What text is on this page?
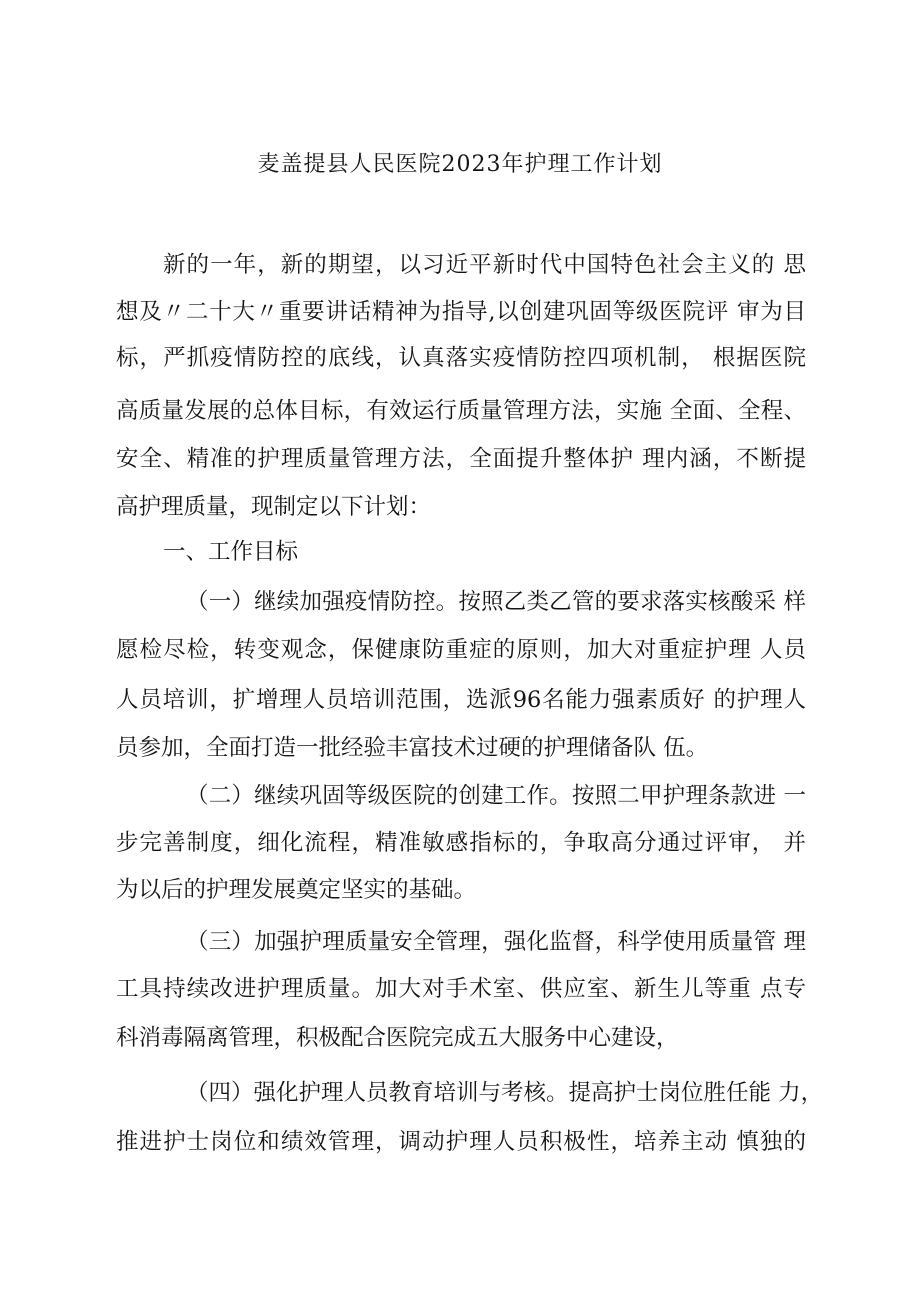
麦盖提县人民医院2023年护理工作计划
新的一年，新的期望，以习近平新时代中国特色社会主义的 思
想及〃二十大〃重要讲话精神为指导,以创建巩固等级医院评 审为目
标，严抓疫情防控的底线，认真落实疫情防控四项机制， 根据医院
高质量发展的总体目标，有效运行质量管理方法，实施 全面、全程、
安全、精准的护理质量管理方法，全面提升整体护 理内涵，不断提
高护理质量，现制定以下计划：
一、工作目标
（一）继续加强疫情防控。按照乙类乙管的要求落实核酸采 样
愿检尽检，转变观念，保健康防重症的原则，加大对重症护理 人员
人员培训，扩增理人员培训范围，选派96名能力强素质好 的护理人
员参加，全面打造一批经验丰富技术过硬的护理储备队 伍。
（二）继续巩固等级医院的创建工作。按照二甲护理条款进 一
步完善制度，细化流程，精准敏感指标的，争取高分通过评审， 并
为以后的护理发展奠定坚实的基础。
（三）加强护理质量安全管理，强化监督，科学使用质量管 理
工具持续改进护理质量。加大对手术室、供应室、新生儿等重 点专
科消毒隔离管理，积极配合医院完成五大服务中心建设，
（四）强化护理人员教育培训与考核。提高护士岗位胜任能 力，
推进护士岗位和绩效管理，调动护理人员积极性，培养主动 慎独的
